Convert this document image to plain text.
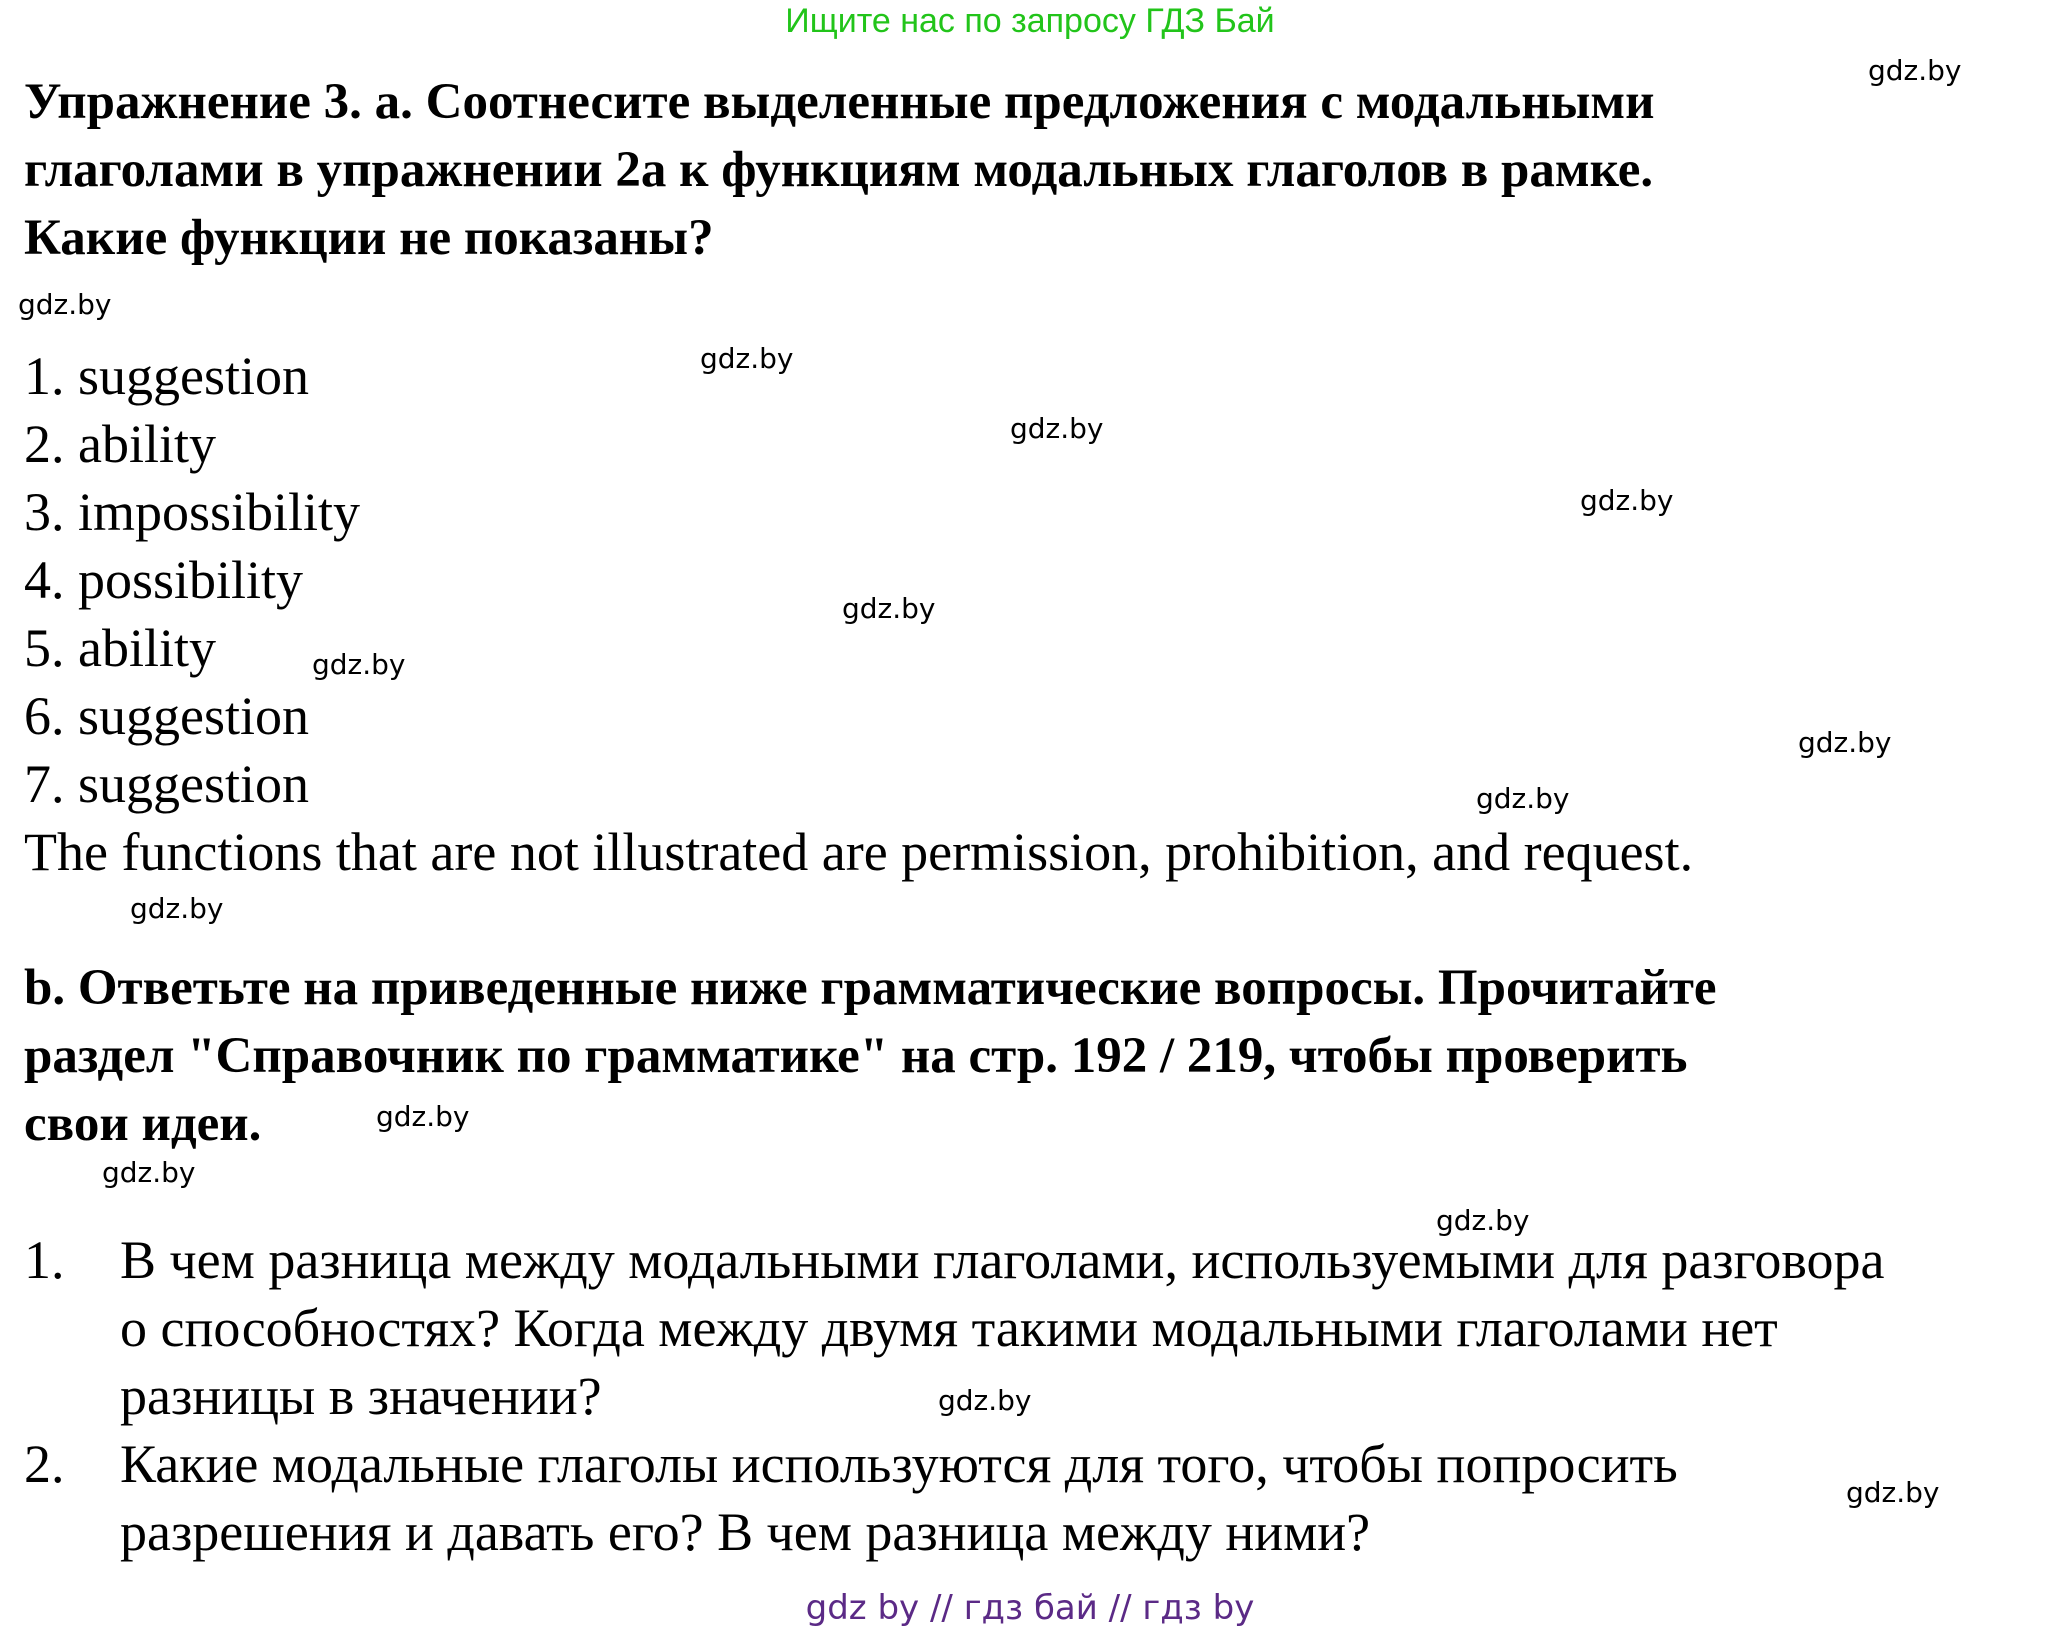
Ищите нас по запросу ГДЗ Бай
Упражнение 3. а. Соотнесите выделенные предложения с модальными
глаголами в упражнении 2а к функциям модальных глаголов в рамке.
Какие функции не показаны?
1. suggestion
2. ability
3. impossibility
4. possibility
5. ability
6. suggestion
7. suggestion
The functions that are not illustrated are permission, prohibition, and request.
b. Ответьте на приведенные ниже грамматические вопросы. Прочитайте
раздел "Справочник по грамматике" на стр. 192 / 219, чтобы проверить
свои идеи.
1. В чем разница между модальными глаголами, используемыми для разговора
о способностях? Когда между двумя такими модальными глаголами нет
разницы в значении?
2. Какие модальные глаголы используются для того, чтобы попросить
разрешения и давать его? В чем разница между ними?
gdz.by
gdz.by
gdz.by
gdz.by
gdz.by
gdz.by
gdz.by
gdz.by
gdz.by
gdz.by
gdz.by
gdz.by
gdz.by
gdz.by
gdz.by
gdz by // гдз бай // гдз by
